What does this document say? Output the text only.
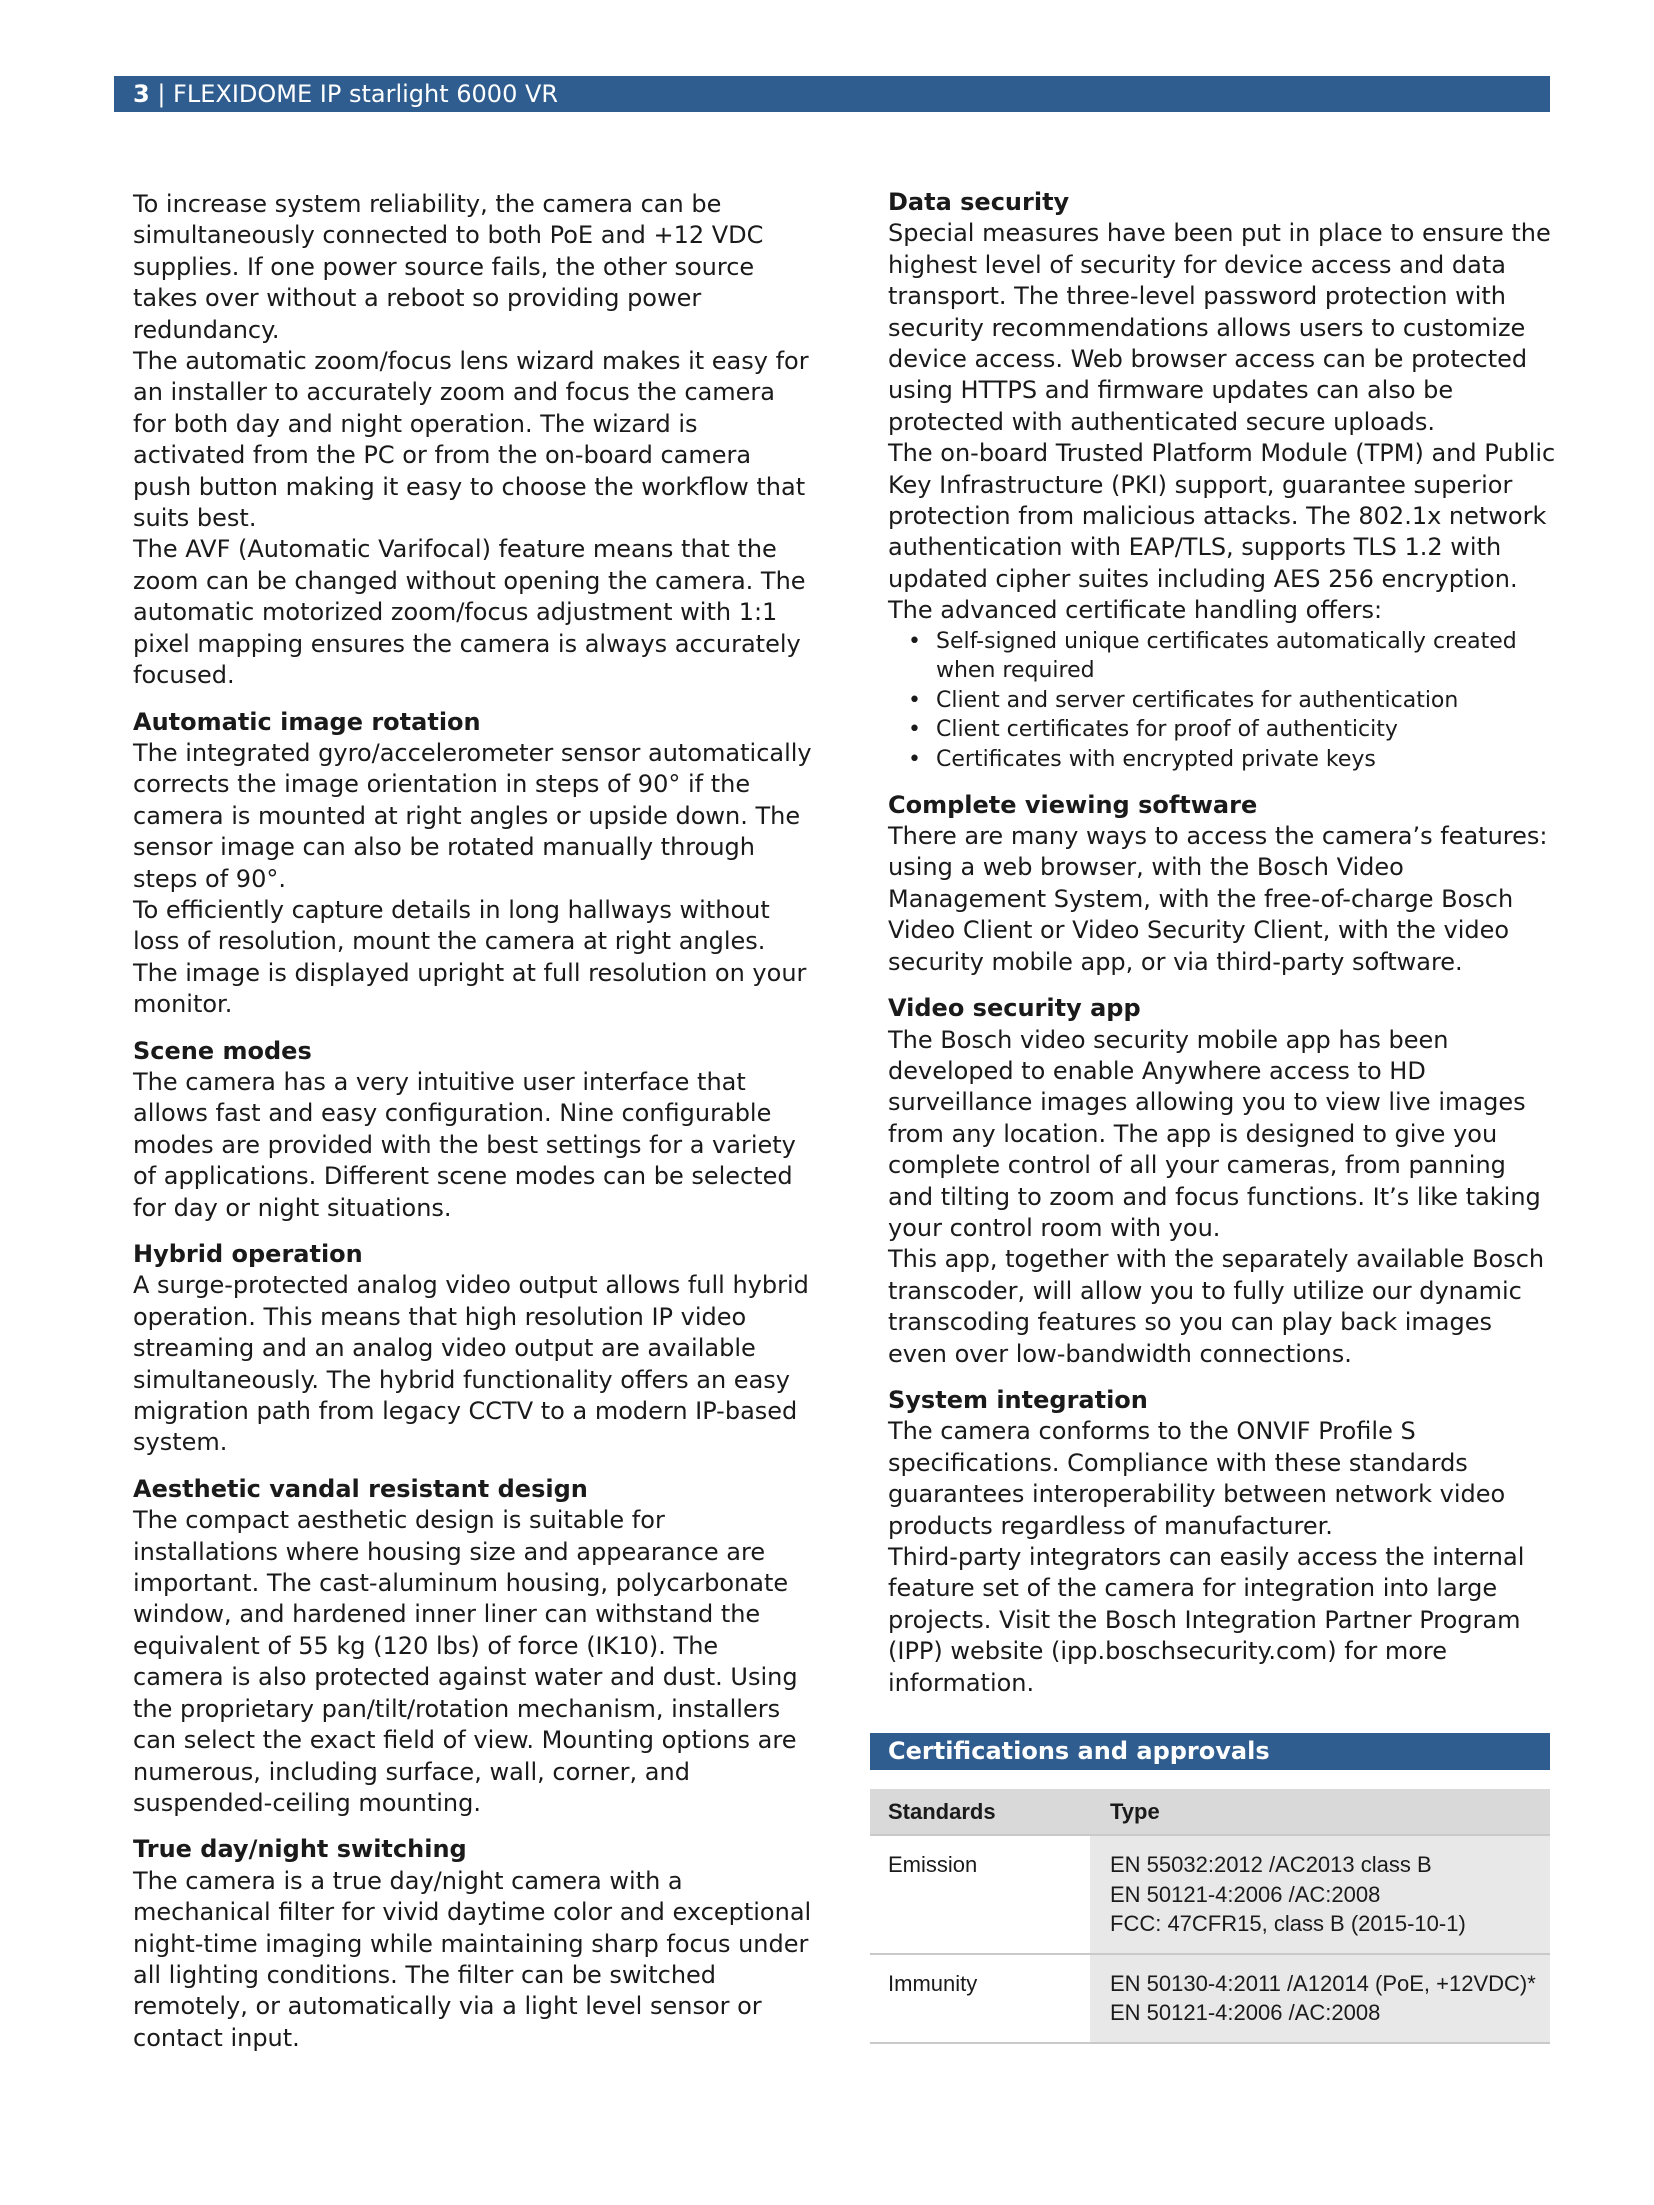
3 | FLEXIDOME IP starlight 6000 VR

To increase system reliability, the camera can be simultaneously connected to both PoE and +12 VDC supplies. If one power source fails, the other source takes over without a reboot so providing power redundancy.

The automatic zoom/focus lens wizard makes it easy for an installer to accurately zoom and focus the camera for both day and night operation. The wizard is activated from the PC or from the on-board camera push button making it easy to choose the workflow that suits best.

The AVF (Automatic Varifocal) feature means that the zoom can be changed without opening the camera. The automatic motorized zoom/focus adjustment with 1:1 pixel mapping ensures the camera is always accurately focused.

Automatic image rotation

The integrated gyro/accelerometer sensor automatically corrects the image orientation in steps of 90° if the camera is mounted at right angles or upside down. The sensor image can also be rotated manually through steps of 90°.

To efficiently capture details in long hallways without loss of resolution, mount the camera at right angles. The image is displayed upright at full resolution on your monitor.

Scene modes

The camera has a very intuitive user interface that allows fast and easy configuration. Nine configurable modes are provided with the best settings for a variety of applications. Different scene modes can be selected for day or night situations.

Hybrid operation

A surge-protected analog video output allows full hybrid operation. This means that high resolution IP video streaming and an analog video output are available simultaneously. The hybrid functionality offers an easy migration path from legacy CCTV to a modern IP-based system.

Aesthetic vandal resistant design

The compact aesthetic design is suitable for installations where housing size and appearance are important. The cast-aluminum housing, polycarbonate window, and hardened inner liner can withstand the equivalent of 55 kg (120 lbs) of force (IK10). The camera is also protected against water and dust. Using the proprietary pan/tilt/rotation mechanism, installers can select the exact field of view. Mounting options are numerous, including surface, wall, corner, and suspended-ceiling mounting.

True day/night switching

The camera is a true day/night camera with a mechanical filter for vivid daytime color and exceptional night-time imaging while maintaining sharp focus under all lighting conditions. The filter can be switched remotely, or automatically via a light level sensor or contact input.

Data security

Special measures have been put in place to ensure the highest level of security for device access and data transport. The three-level password protection with security recommendations allows users to customize device access. Web browser access can be protected using HTTPS and firmware updates can also be protected with authenticated secure uploads.

The on-board Trusted Platform Module (TPM) and Public Key Infrastructure (PKI) support, guarantee superior protection from malicious attacks. The 802.1x network authentication with EAP/TLS, supports TLS 1.2 with updated cipher suites including AES 256 encryption.

The advanced certificate handling offers:

• Self-signed unique certificates automatically created when required
• Client and server certificates for authentication
• Client certificates for proof of authenticity
• Certificates with encrypted private keys
Complete viewing software

There are many ways to access the camera’s features: using a web browser, with the Bosch Video Management System, with the free-of-charge Bosch Video Client or Video Security Client, with the video security mobile app, or via third-party software.

Video security app

The Bosch video security mobile app has been developed to enable Anywhere access to HD surveillance images allowing you to view live images from any location. The app is designed to give you complete control of all your cameras, from panning and tilting to zoom and focus functions. It’s like taking your control room with you.

This app, together with the separately available Bosch transcoder, will allow you to fully utilize our dynamic transcoding features so you can play back images even over low-bandwidth connections.

System integration

The camera conforms to the ONVIF Profile S specifications. Compliance with these standards guarantees interoperability between network video products regardless of manufacturer.

Third-party integrators can easily access the internal feature set of the camera for integration into large projects. Visit the Bosch Integration Partner Program (IPP) website (ipp.boschsecurity.com) for more information.

Certifications and approvals
Standards	Type
Emission	EN 55032:2012 /AC2013 class B
EN 50121-4:2006 /AC:2008
FCC: 47CFR15, class B (2015-10-1)

Immunity	EN 50130-4:2011 /A12014 (PoE, +12VDC)*
EN 50121-4:2006 /AC:2008
